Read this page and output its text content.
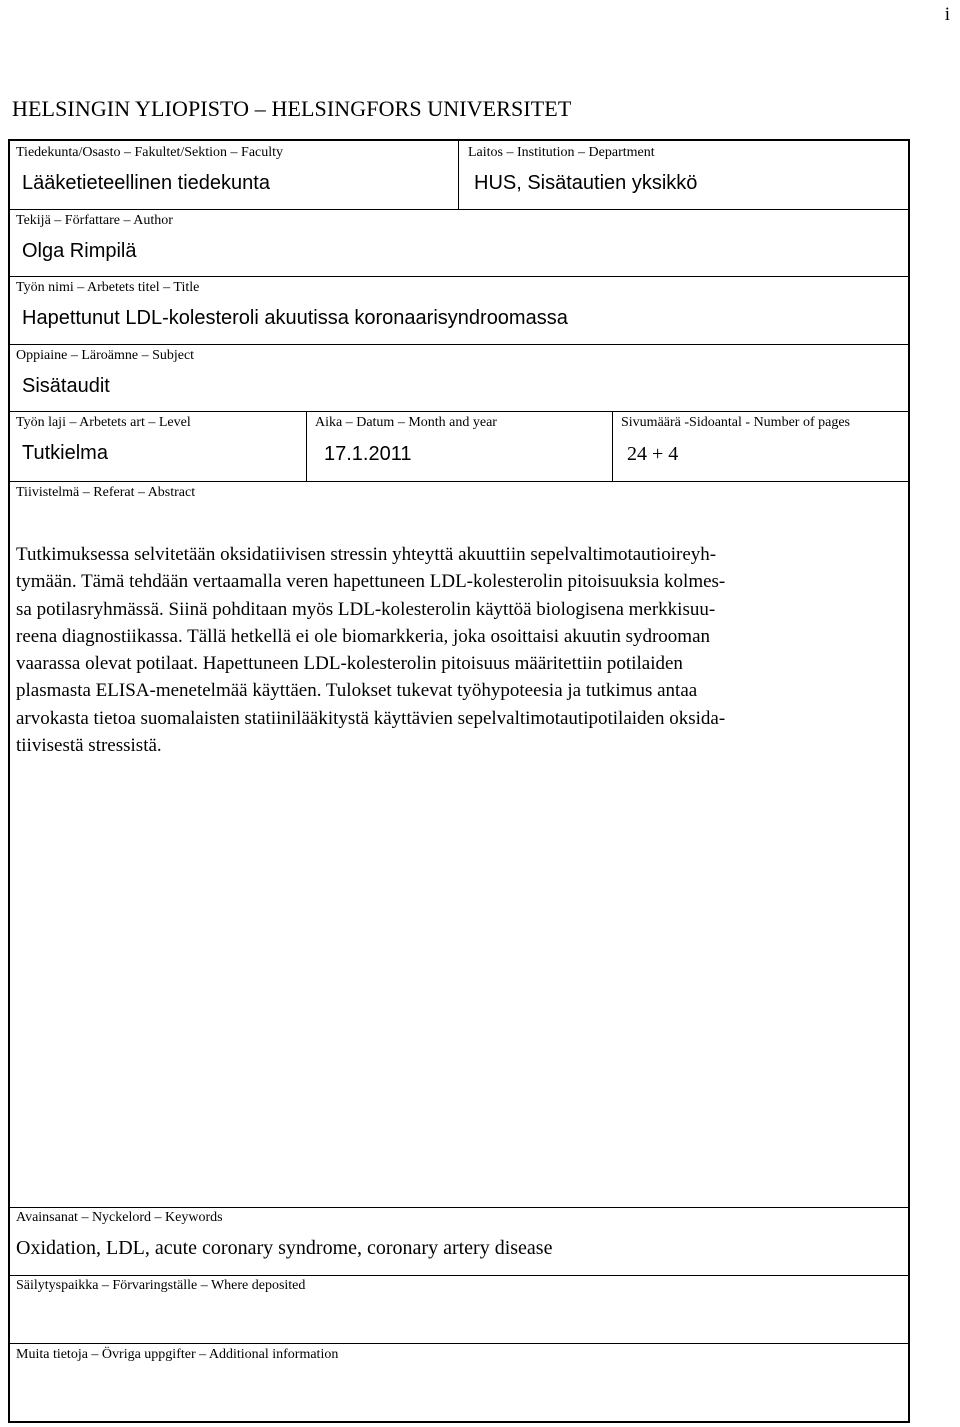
i
HELSINGIN YLIOPISTO – HELSINGFORS UNIVERSITET
Tiedekunta/Osasto – Fakultet/Sektion – Faculty
Lääketieteellinen tiedekunta
Laitos – Institution – Department
HUS, Sisätautien yksikkö
Tekijä – Författare – Author
Olga Rimpilä
Työn nimi – Arbetets titel – Title
Hapettunut LDL-kolesteroli akuutissa koronaarisyndroomassa
Oppiaine – Läroämne – Subject
Sisätaudit
Työn laji – Arbetets art – Level
Tutkielma
Aika – Datum – Month and year
17.1.2011
Sivumäärä -Sidoantal - Number of pages
24 + 4
Tiivistelmä – Referat – Abstract
Tutkimuksessa selvitetään oksidatiivisen stressin yhteyttä akuuttiin sepelvaltimotautioireyh-
tymään. Tämä tehdään vertaamalla veren hapettuneen LDL-kolesterolin pitoisuuksia kolmes-
sa potilasryhmässä. Siinä pohditaan myös LDL-kolesterolin käyttöä biologisena merkkisuu-
reena diagnostiikassa. Tällä hetkellä ei ole biomarkkeria, joka osoittaisi akuutin sydrooman
vaarassa olevat potilaat. Hapettuneen LDL-kolesterolin pitoisuus määritettiin potilaiden
plasmasta ELISA-menetelmää käyttäen. Tulokset tukevat työhypoteesia ja tutkimus antaa
arvokasta tietoa suomalaisten statiinilääkitystä käyttävien sepelvaltimotautipotilaiden oksida-
tiivisestä stressistä.
Avainsanat – Nyckelord – Keywords
Oxidation, LDL, acute coronary syndrome, coronary artery disease
Säilytyspaikka – Förvaringställe – Where deposited
Muita tietoja – Övriga uppgifter – Additional information
